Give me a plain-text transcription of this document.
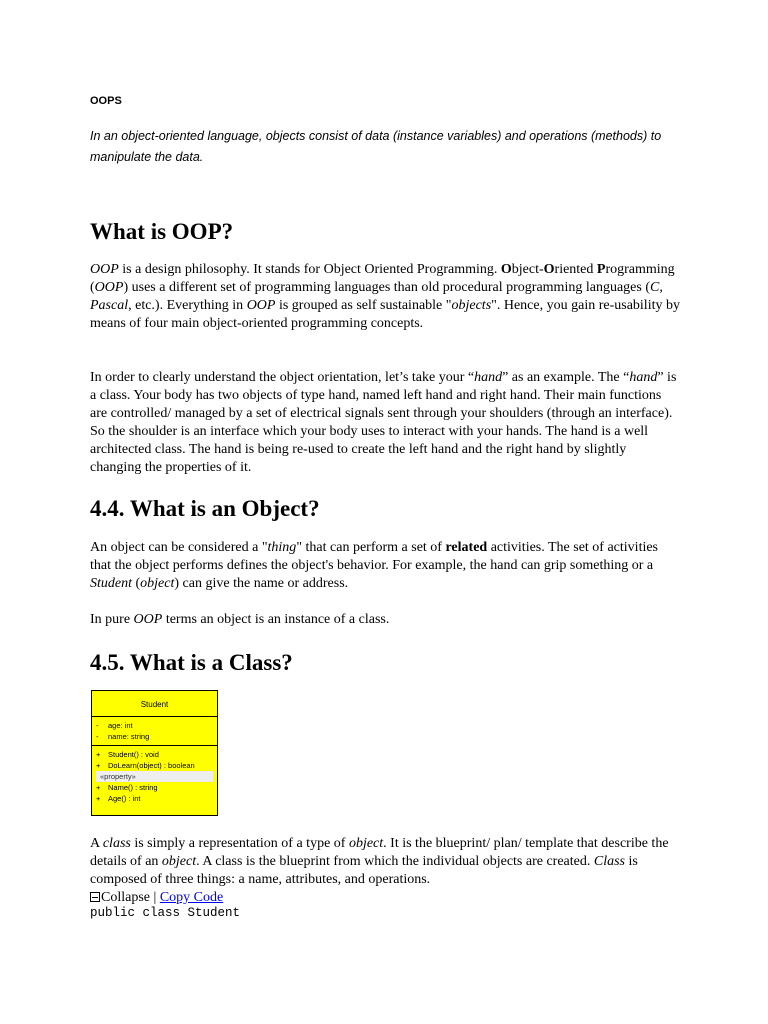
OOPS

In an object-oriented language, objects consist of data (instance variables) and operations (methods) to manipulate the data.

What is OOP?

OOP is a design philosophy. It stands for Object Oriented Programming. Object-Oriented Programming (OOP) uses a different set of programming languages than old procedural programming languages (C, Pascal, etc.). Everything in OOP is grouped as self sustainable "objects". Hence, you gain re-usability by means of four main object-oriented programming concepts.

In order to clearly understand the object orientation, let’s take your “hand” as an example. The “hand” is a class. Your body has two objects of type hand, named left hand and right hand. Their main functions are controlled/ managed by a set of electrical signals sent through your shoulders (through an interface). So the shoulder is an interface which your body uses to interact with your hands. The hand is a well architected class. The hand is being re-used to create the left hand and the right hand by slightly changing the properties of it.

4.4. What is an Object?

An object can be considered a "thing" that can perform a set of related activities. The set of activities that the object performs defines the object's behavior. For example, the hand can grip something or a Student (object) can give the name or address.

In pure OOP terms an object is an instance of a class.

4.5. What is a Class?
Student
- age: int
- name: string
+ Student() : void
+ DoLearn(object) : boolean
«property»
+ Name() : string
+ Age() : int

A class is simply a representation of a type of object. It is the blueprint/ plan/ template that describe the details of an object. A class is the blueprint from which the individual objects are created. Class is composed of three things: a name, attributes, and operations.

Collapse | Copy Code
public class Student
